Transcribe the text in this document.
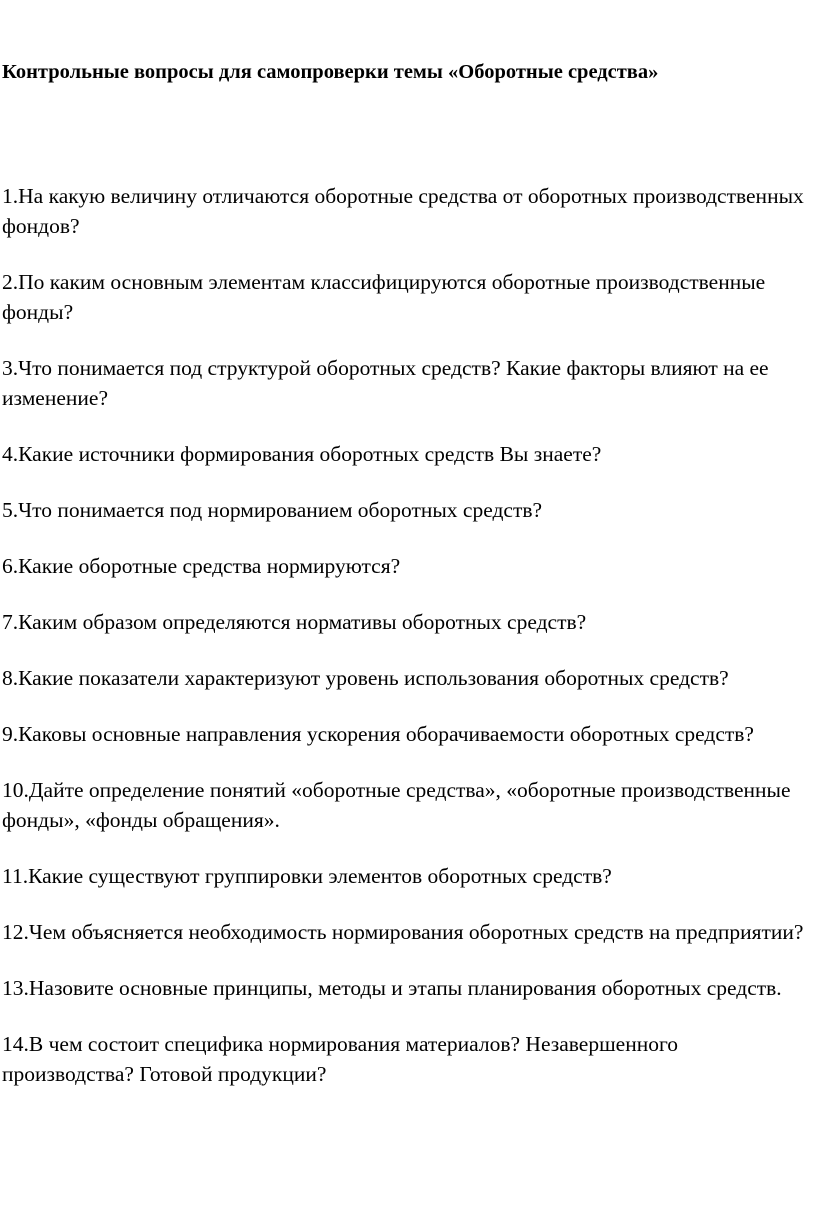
Контрольные вопросы для самопроверки темы «Оборотные средства»
1.На какую величину отличаются оборотные средства от оборотных производственных фондов?
2.По каким основным элементам классифицируются оборотные производственные фонды?
3.Что понимается под структурой оборотных средств? Какие факторы влияют на ее изменение?
4.Какие источники формирования оборотных средств Вы знаете?
5.Что понимается под нормированием оборотных средств?
6.Какие оборотные средства нормируются?
7.Каким образом определяются нормативы оборотных средств?
8.Какие показатели характеризуют уровень использования оборотных средств?
9.Каковы основные направления ускорения оборачиваемости оборотных средств?
10.Дайте определение понятий «оборотные средства», «оборотные производственные фонды», «фонды обращения».
11.Какие существуют группировки элементов оборотных средств?
12.Чем объясняется необходимость нормирования оборотных средств на предприятии?
13.Назовите основные принципы, методы и этапы планирования оборотных средств.
14.В чем состоит специфика нормирования материалов? Незавершенного производства? Готовой продукции?
